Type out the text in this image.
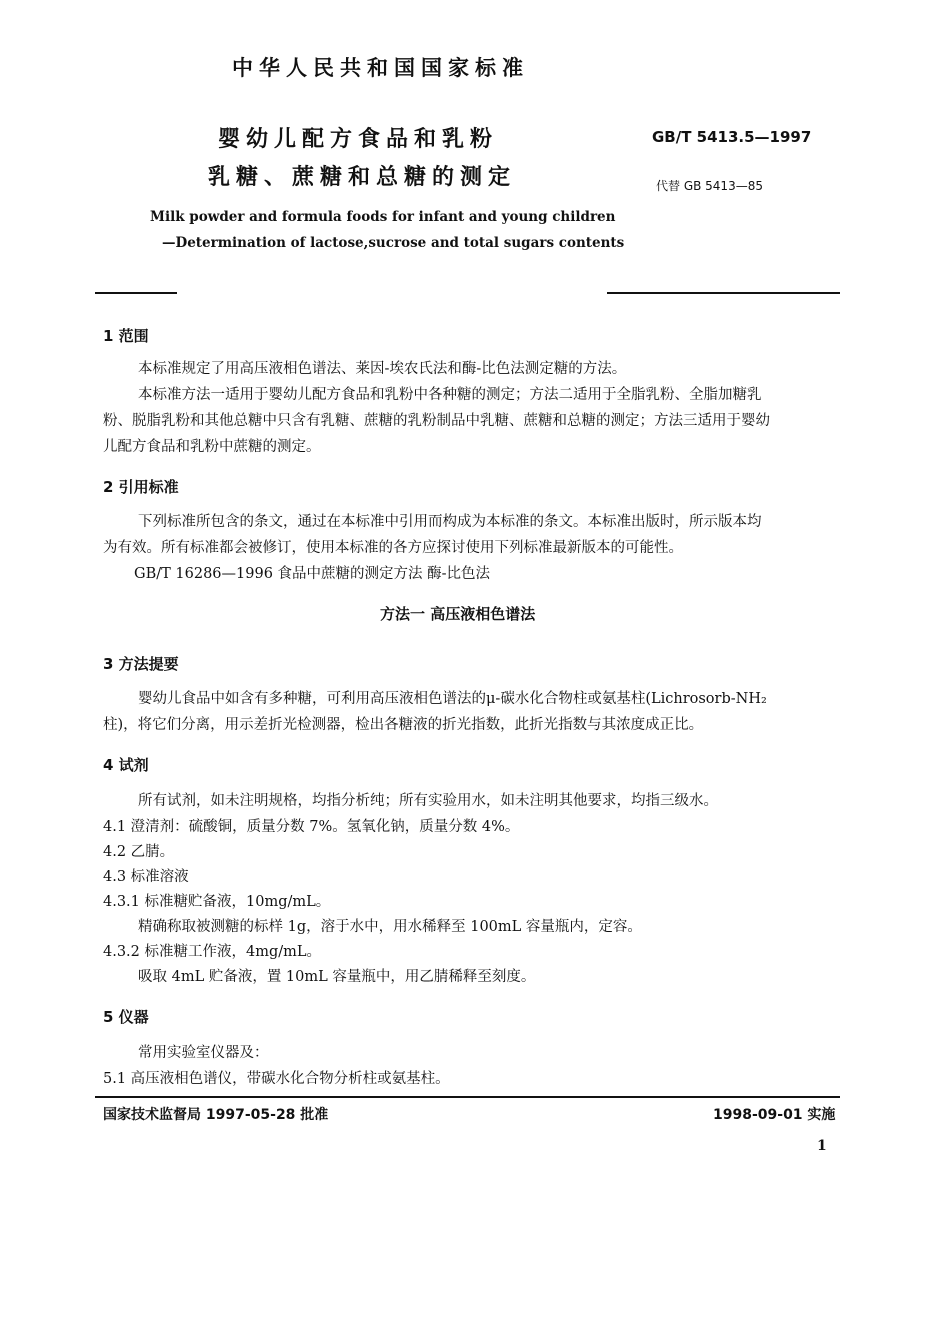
中华人民共和国国家标准
婴幼儿配方食品和乳粉
乳糖、蔗糖和总糖的测定
GB/T 5413.5—1997
代替 GB 5413—85
Milk powder and formula foods for infant and young children
—Determination of lactose,sucrose and total sugars contents
1 范围
本标准规定了用高压液相色谱法、莱因-埃农氏法和酶-比色法测定糖的方法。
本标准方法一适用于婴幼儿配方食品和乳粉中各种糖的测定；方法二适用于全脂乳粉、全脂加糖乳
粉、脱脂乳粉和其他总糖中只含有乳糖、蔗糖的乳粉制品中乳糖、蔗糖和总糖的测定；方法三适用于婴幼
儿配方食品和乳粉中蔗糖的测定。
2 引用标准
下列标准所包含的条文，通过在本标准中引用而构成为本标准的条文。本标准出版时，所示版本均
为有效。所有标准都会被修订，使用本标准的各方应探讨使用下列标准最新版本的可能性。
GB/T 16286—1996 食品中蔗糖的测定方法 酶-比色法
方法一 高压液相色谱法
3 方法提要
婴幼儿食品中如含有多种糖，可利用高压液相色谱法的μ-碳水化合物柱或氨基柱(Lichrosorb-NH₂
柱)，将它们分离，用示差折光检测器，检出各糖液的折光指数，此折光指数与其浓度成正比。
4 试剂
所有试剂，如未注明规格，均指分析纯；所有实验用水，如未注明其他要求，均指三级水。
4.1 澄清剂：硫酸铜，质量分数 7%。氢氧化钠，质量分数 4%。
4.2 乙腈。
4.3 标准溶液
4.3.1 标准糖贮备液，10mg/mL。
精确称取被测糖的标样 1g，溶于水中，用水稀释至 100mL 容量瓶内，定容。
4.3.2 标准糖工作液，4mg/mL。
吸取 4mL 贮备液，置 10mL 容量瓶中，用乙腈稀释至刻度。
5 仪器
常用实验室仪器及：
5.1 高压液相色谱仪，带碳水化合物分析柱或氨基柱。
国家技术监督局 1997-05-28 批准	1998-09-01 实施
1
